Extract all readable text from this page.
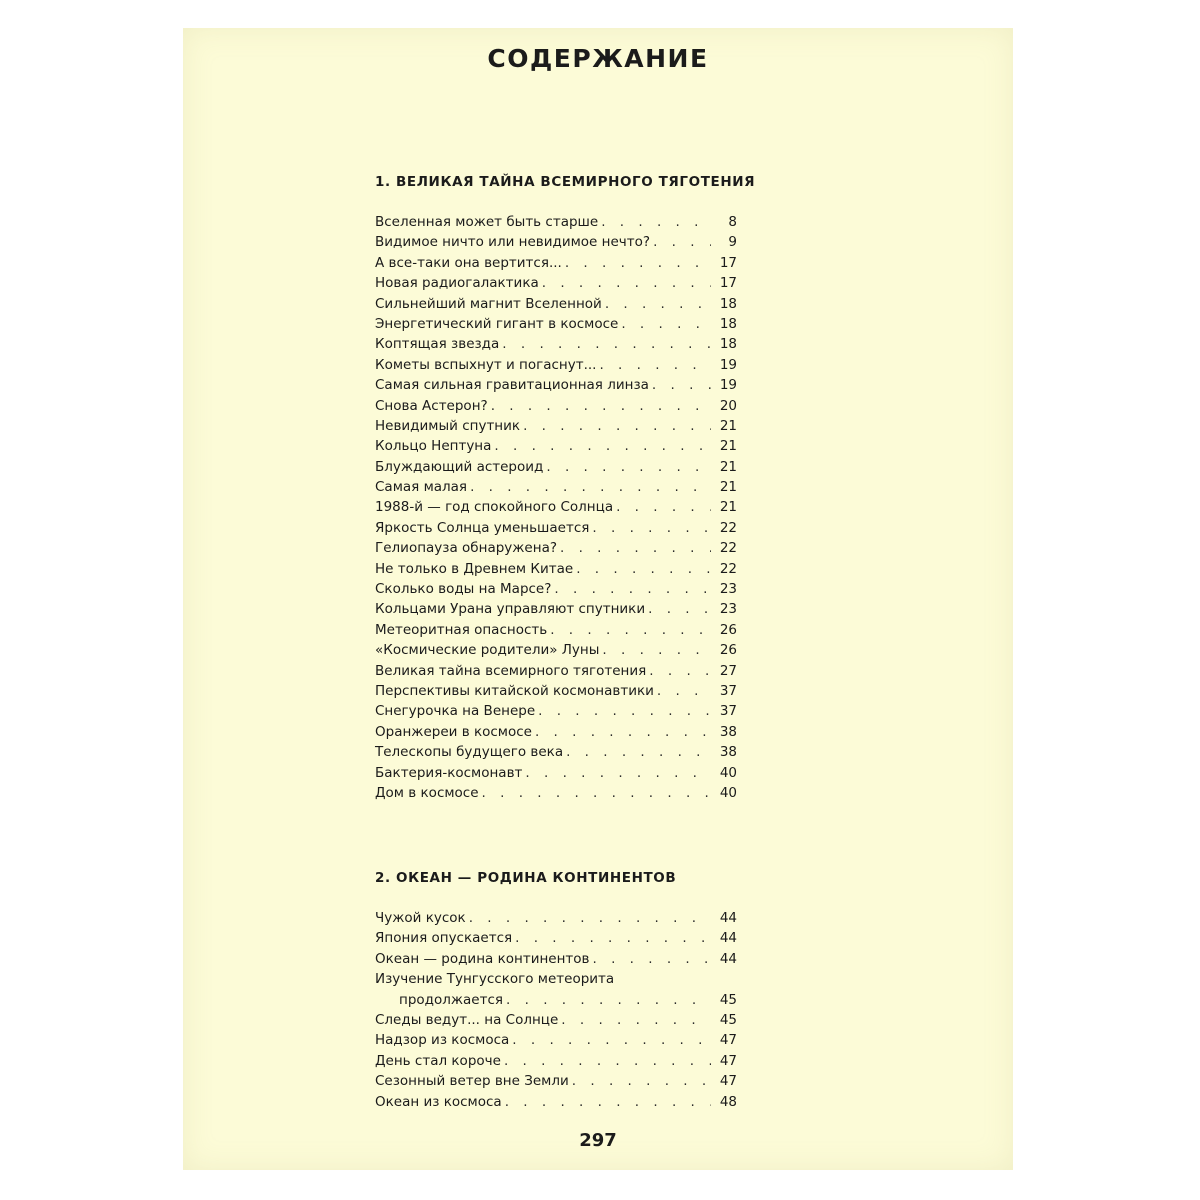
СОДЕРЖАНИЕ
1. ВЕЛИКАЯ ТАЙНА ВСЕМИРНОГО ТЯГОТЕНИЯ
Вселенная может быть старше . . .	8
Видимое ничто или невидимое нечто? . . .	9
А все-таки она вертится... . . .	17
Новая радиогалактика . . .	17
Сильнейший магнит Вселенной . . .	18
Энергетический гигант в космосе . . .	18
Коптящая звезда . . .	18
Кометы вспыхнут и погаснут... . . .	19
Самая сильная гравитационная линза . . .	19
Снова Астерон? . . .	20
Невидимый спутник . . .	21
Кольцо Нептуна . . .	21
Блуждающий астероид . . .	21
Самая малая . . .	21
1988-й — год спокойного Солнца . . .	21
Яркость Солнца уменьшается . . .	22
Гелиопауза обнаружена? . . .	22
Не только в Древнем Китае . . .	22
Сколько воды на Марсе? . . .	23
Кольцами Урана управляют спутники . . .	23
Метеоритная опасность . . .	26
«Космические родители» Луны . . .	26
Великая тайна всемирного тяготения . . .	27
Перспективы китайской космонавтики . . .	37
Снегурочка на Венере . . .	37
Оранжереи в космосе . . .	38
Телескопы будущего века . . .	38
Бактерия-космонавт . . .	40
Дом в космосе . . .	40
2. ОКЕАН — РОДИНА КОНТИНЕНТОВ
Чужой кусок . . .	44
Япония опускается . . .	44
Океан — родина континентов . . .	44
Изучение Тунгусского метеорита
продолжается . . .	45
Следы ведут... на Солнце . . .	45
Надзор из космоса . . .	47
День стал короче . . .	47
Сезонный ветер вне Земли . . .	47
Океан из космоса . . .	48
297
